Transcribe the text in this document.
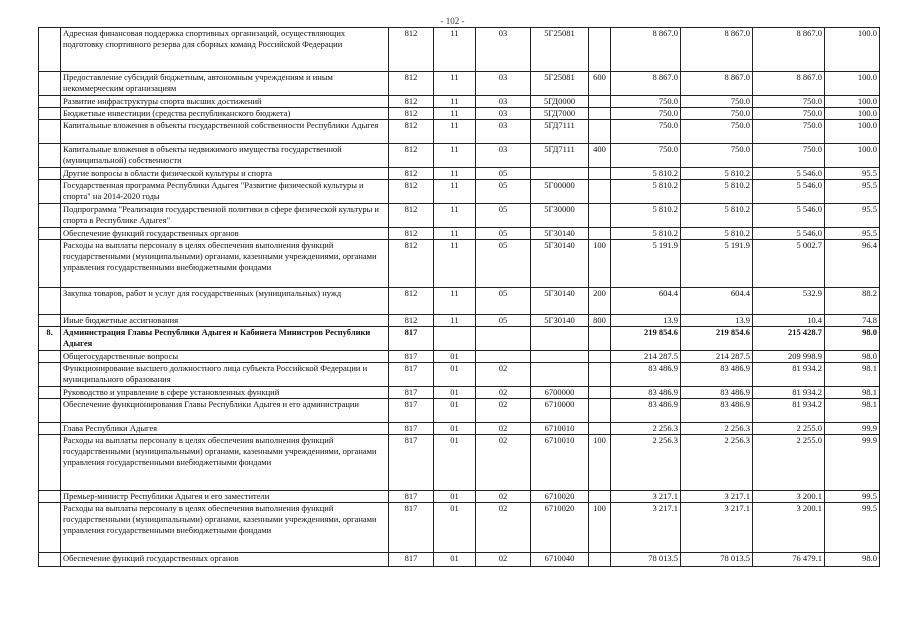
- 102 -
	Адресная финансовая поддержка спортивных организаций, осуществляющих подготовку спортивного резерва для сборных команд Российской Федерации	812	11	03	5Г25081		8 867.0	8 867.0	8 867.0	100.0
	Предоставление субсидий бюджетным, автономным учреждениям и иным некоммерческим организациям	812	11	03	5Г25081	600	8 867.0	8 867.0	8 867.0	100.0
	Развитие инфраструктуры спорта высших достижений	812	11	03	5ГД0000		750.0	750.0	750.0	100.0
	Бюджетные инвестиции (средства республиканского бюджета)	812	11	03	5ГД7000		750.0	750.0	750.0	100.0
	Капитальные вложения в объекты государственной собственности Республики Адыгея	812	11	03	5ГД7111		750.0	750.0	750.0	100.0
	Капитальные вложения в объекты недвижимого имущества государственной (муниципальной) собственности	812	11	03	5ГД7111	400	750.0	750.0	750.0	100.0
	Другие вопросы в области физической культуры и спорта	812	11	05			5 810.2	5 810.2	5 546.0	95.5
	Государственная программа Республики Адыгея "Развитие физической культуры и спорта" на 2014-2020 годы	812	11	05	5Г00000		5 810.2	5 810.2	5 546.0	95.5
	Подпрограмма "Реализация государственной политики в сфере физической культуры и спорта в Республике Адыгея"	812	11	05	5Г30000		5 810.2	5 810.2	5 546.0	95.5
	Обеспечение функций государственных органов	812	11	05	5Г30140		5 810.2	5 810.2	5 546.0	95.5
	Расходы на выплаты персоналу в целях обеспечения выполнения функций государственными (муниципальными) органами, казенными учреждениями, органами управления государственными внебюджетными фондами	812	11	05	5Г30140	100	5 191.9	5 191.9	5 002.7	96.4
	Закупка товаров, работ и услуг для государственных (муниципальных) нужд	812	11	05	5Г30140	200	604.4	604.4	532.9	88.2
	Иные бюджетные ассигнования	812	11	05	5Г30140	800	13.9	13.9	10.4	74.8
8.	Администрация Главы Республики Адыгея и Кабинета Министров Республики Адыгея	817					219 854.6	219 854.6	215 428.7	98.0
	Общегосударственные вопросы	817	01				214 287.5	214 287.5	209 998.9	98.0
	Функционирование высшего должностного лица субъекта Российской Федерации и муниципального образования	817	01	02			83 486.9	83 486.9	81 934.2	98.1
	Руководство и управление в сфере установленных функций	817	01	02	6700000		83 486.9	83 486.9	81 934.2	98.1
	Обеспечение функционирования Главы Республики Адыгея и его администрации	817	01	02	6710000		83 486.9	83 486.9	81 934.2	98.1
	Глава Республики Адыгея	817	01	02	6710010		2 256.3	2 256.3	2 255.0	99.9
	Расходы на выплаты персоналу в целях обеспечения выполнения функций государственными (муниципальными) органами, казенными учреждениями, органами управления государственными внебюджетными фондами	817	01	02	6710010	100	2 256.3	2 256.3	2 255.0	99.9
	Премьер-министр Республики Адыгея и его заместители	817	01	02	6710020		3 217.1	3 217.1	3 200.1	99.5
	Расходы на выплаты персоналу в целях обеспечения выполнения функций государственными (муниципальными) органами, казенными учреждениями, органами управления государственными внебюджетными фондами	817	01	02	6710020	100	3 217.1	3 217.1	3 200.1	99.5
	Обеспечение функций государственных органов	817	01	02	6710040		78 013.5	78 013.5	76 479.1	98.0
